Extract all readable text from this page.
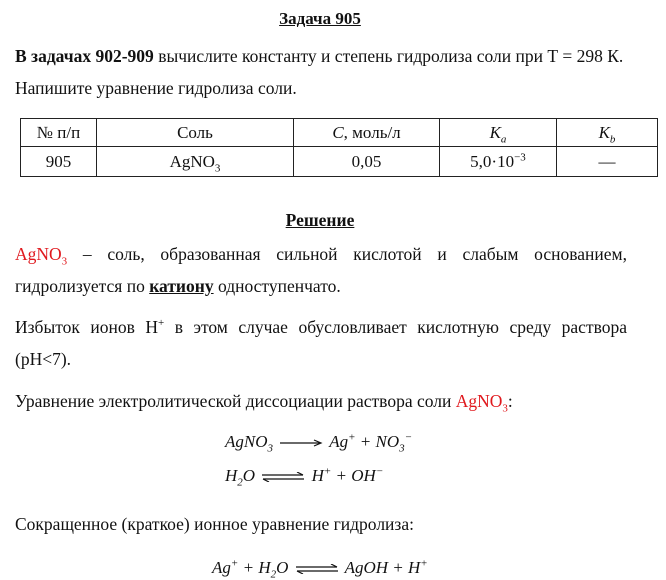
Задача 905
В задачах 902-909 вычислите константу и степень гидролиза соли при Т = 298 К. Напишите уравнение гидролиза соли.
№ п/п	Соль	C, моль/л	$K_a$	$K_b$
905	AgNO$_3$	0,05	$5,0\cdot 10^{-3}$	—
Решение
AgNO$_3$ – соль, образованная сильной кислотой и слабым основанием,
гидролизуется по катиону одноступенчато.
Избыток ионов H+ в этом случае обусловливает кислотную среду раствора (pH<7).
Уравнение электролитической диссоциации раствора соли AgNO$_3$:
AgNO$_3$	$Ag^+ + NO_3^-$
$H_2O$ ⇌ H+ + OH−
Сокращенное (краткое) ионное уравнение гидролиза:
$Ag^+ + H_2O$ ⇌ AgOH + H+
